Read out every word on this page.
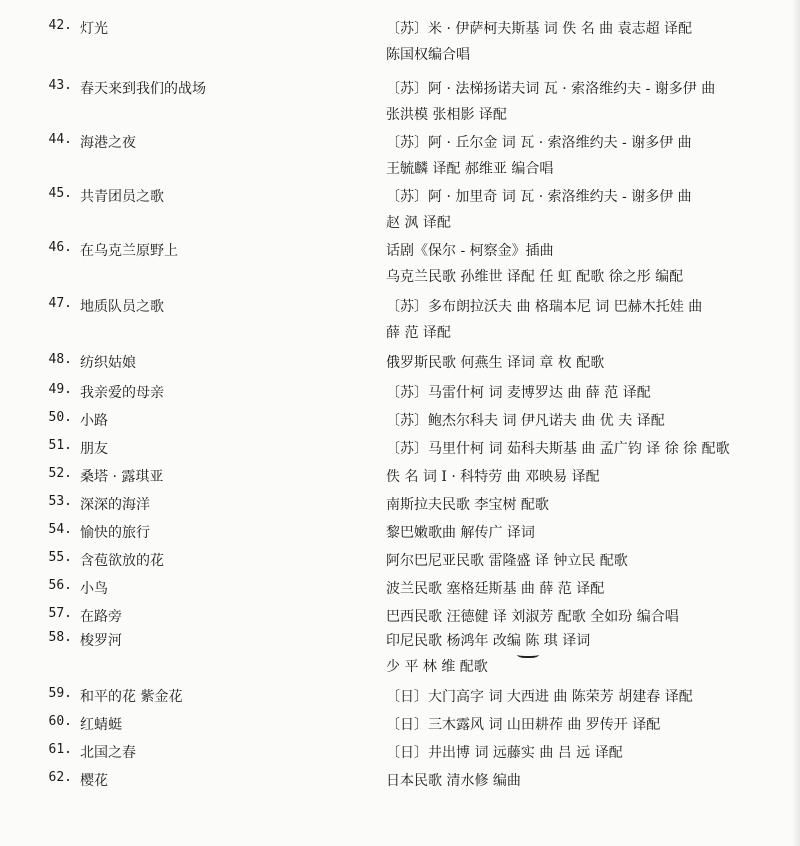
42. 灯光	〔苏〕米 · 伊萨柯夫斯基 词 佚 名 曲 袁志超 译配
陈国权编合唱
43. 春天来到我们的战场	〔苏〕阿 · 法梯扬诺夫词 瓦 · 索洛维约夫 - 谢多伊 曲
张洪模 张相影 译配
44. 海港之夜	〔苏〕阿 · 丘尔金 词 瓦 · 索洛维约夫 - 谢多伊 曲
王毓麟 译配 郝维亚 编合唱
45. 共青团员之歌	〔苏〕阿 · 加里奇 词 瓦 · 索洛维约夫 - 谢多伊 曲
赵 沨 译配
46. 在乌克兰原野上	话剧《保尔 - 柯察金》插曲
乌克兰民歌 孙维世 译配 任 虹 配歌 徐之彤 编配
47. 地质队员之歌	〔苏〕多布朗拉沃夫 曲 格瑞本尼 词 巴赫木托娃 曲
薛 范 译配
48. 纺织姑娘	俄罗斯民歌 何燕生 译词 章 枚 配歌
49. 我亲爱的母亲	〔苏〕马雷什柯 词 麦博罗达 曲 薛 范 译配
50. 小路	〔苏〕鲍杰尔科夫 词 伊凡诺夫 曲 优 夫 译配
51. 朋友	〔苏〕马里什柯 词 茹科夫斯基 曲 孟广钧 译 徐 徐 配歌
52. 桑塔 · 露琪亚	佚 名 词 I · 科特劳 曲 邓映易 译配
53. 深深的海洋	南斯拉夫民歌 李宝树 配歌
54. 愉快的旅行	黎巴嫩歌曲 解传广 译词
55. 含苞欲放的花	阿尔巴尼亚民歌 雷隆盛 译 钟立民 配歌
56. 小鸟	波兰民歌 塞格廷斯基 曲 薛 范 译配
57. 在路旁	巴西民歌 汪德健 译 刘淑芳 配歌 全如玢 编合唱
58. 梭罗河	印尼民歌 杨鸿年 改编 陈 琪 译词
少 平 林 维 配歌
59. 和平的花 紫金花	〔日〕大门高字 词 大西进 曲 陈荣芳 胡建春 译配
60. 红蜻蜓	〔日〕三木露风 词 山田耕莋 曲 罗传开 译配
61. 北国之春	〔日〕井出博 词 远藤实 曲 吕 远 译配
62. 樱花	日本民歌 清水修 编曲
